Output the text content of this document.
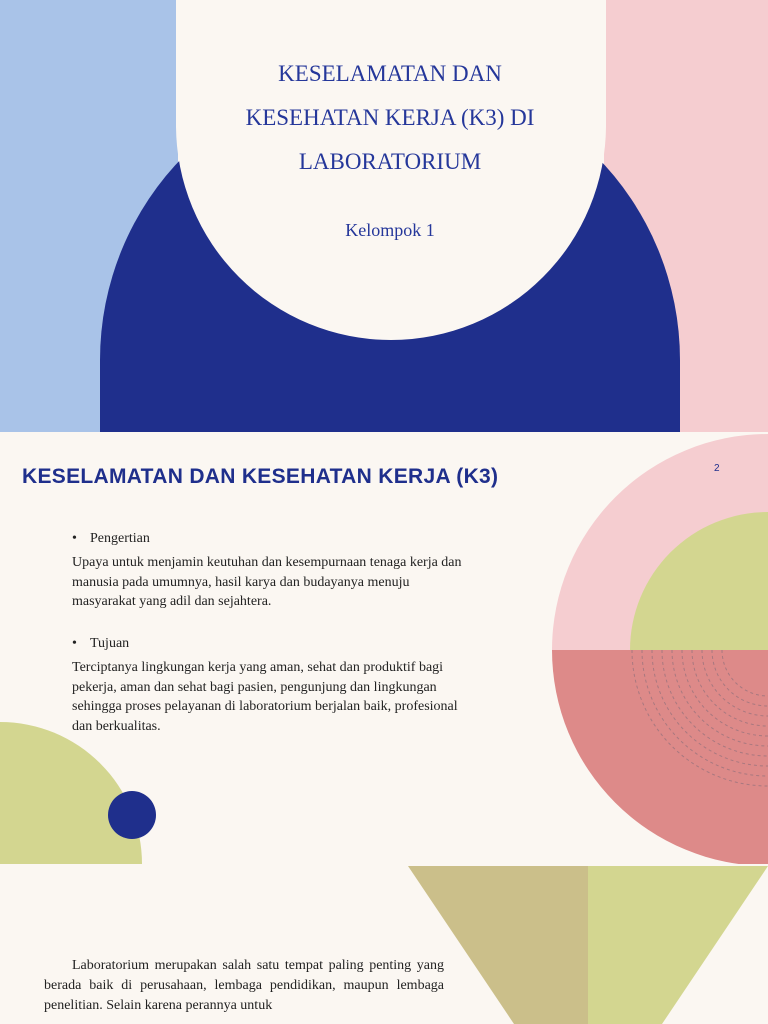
KESELAMATAN DAN
KESEHATAN KERJA (K3) DI
LABORATORIUM
Kelompok 1
KESELAMATAN DAN KESEHATAN KERJA (K3)	2
• Pengertian

Upaya untuk menjamin keutuhan dan kesempurnaan tenaga kerja dan
manusia pada umumnya, hasil karya dan budayanya menuju
masyarakat yang adil dan sejahtera.

• Tujuan

Terciptanya lingkungan kerja yang aman, sehat dan produktif bagi
pekerja, aman dan sehat bagi pasien, pengunjung dan lingkungan
sehingga proses pelayanan di laboratorium berjalan baik, profesional
dan berkualitas.

Laboratorium merupakan salah satu tempat paling penting yang berada baik di perusahaan, lembaga pendidikan, maupun lembaga penelitian. Selain karena perannya untuk
